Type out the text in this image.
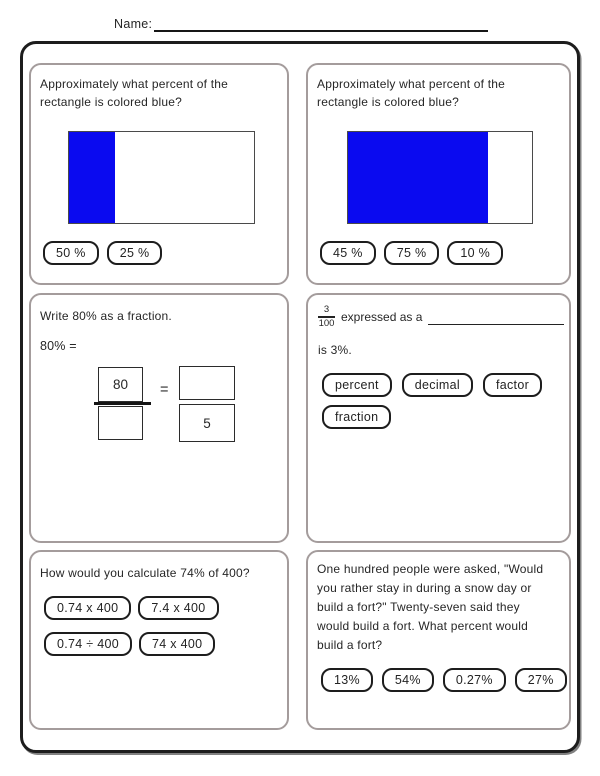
Name:

Approximately what percent of the rectangle is colored blue?

50 %	25 %

Approximately what percent of the rectangle is colored blue?

45 %	75 %	10 %

Write 80% as a fraction.

80% =

80	=
5
$\frac{3}{100}$ expressed as a

is 3%.

percent	decimal	factor
fraction

How would you calculate 74% of 400?

0.74 x 400	7.4 x 400
0.74 ÷ 400	74 x 400

One hundred people were asked, "Would you rather stay in during a snow day or build a fort?" Twenty-seven said they would build a fort. What percent would build a fort?

13%	54%	0.27%	27%
